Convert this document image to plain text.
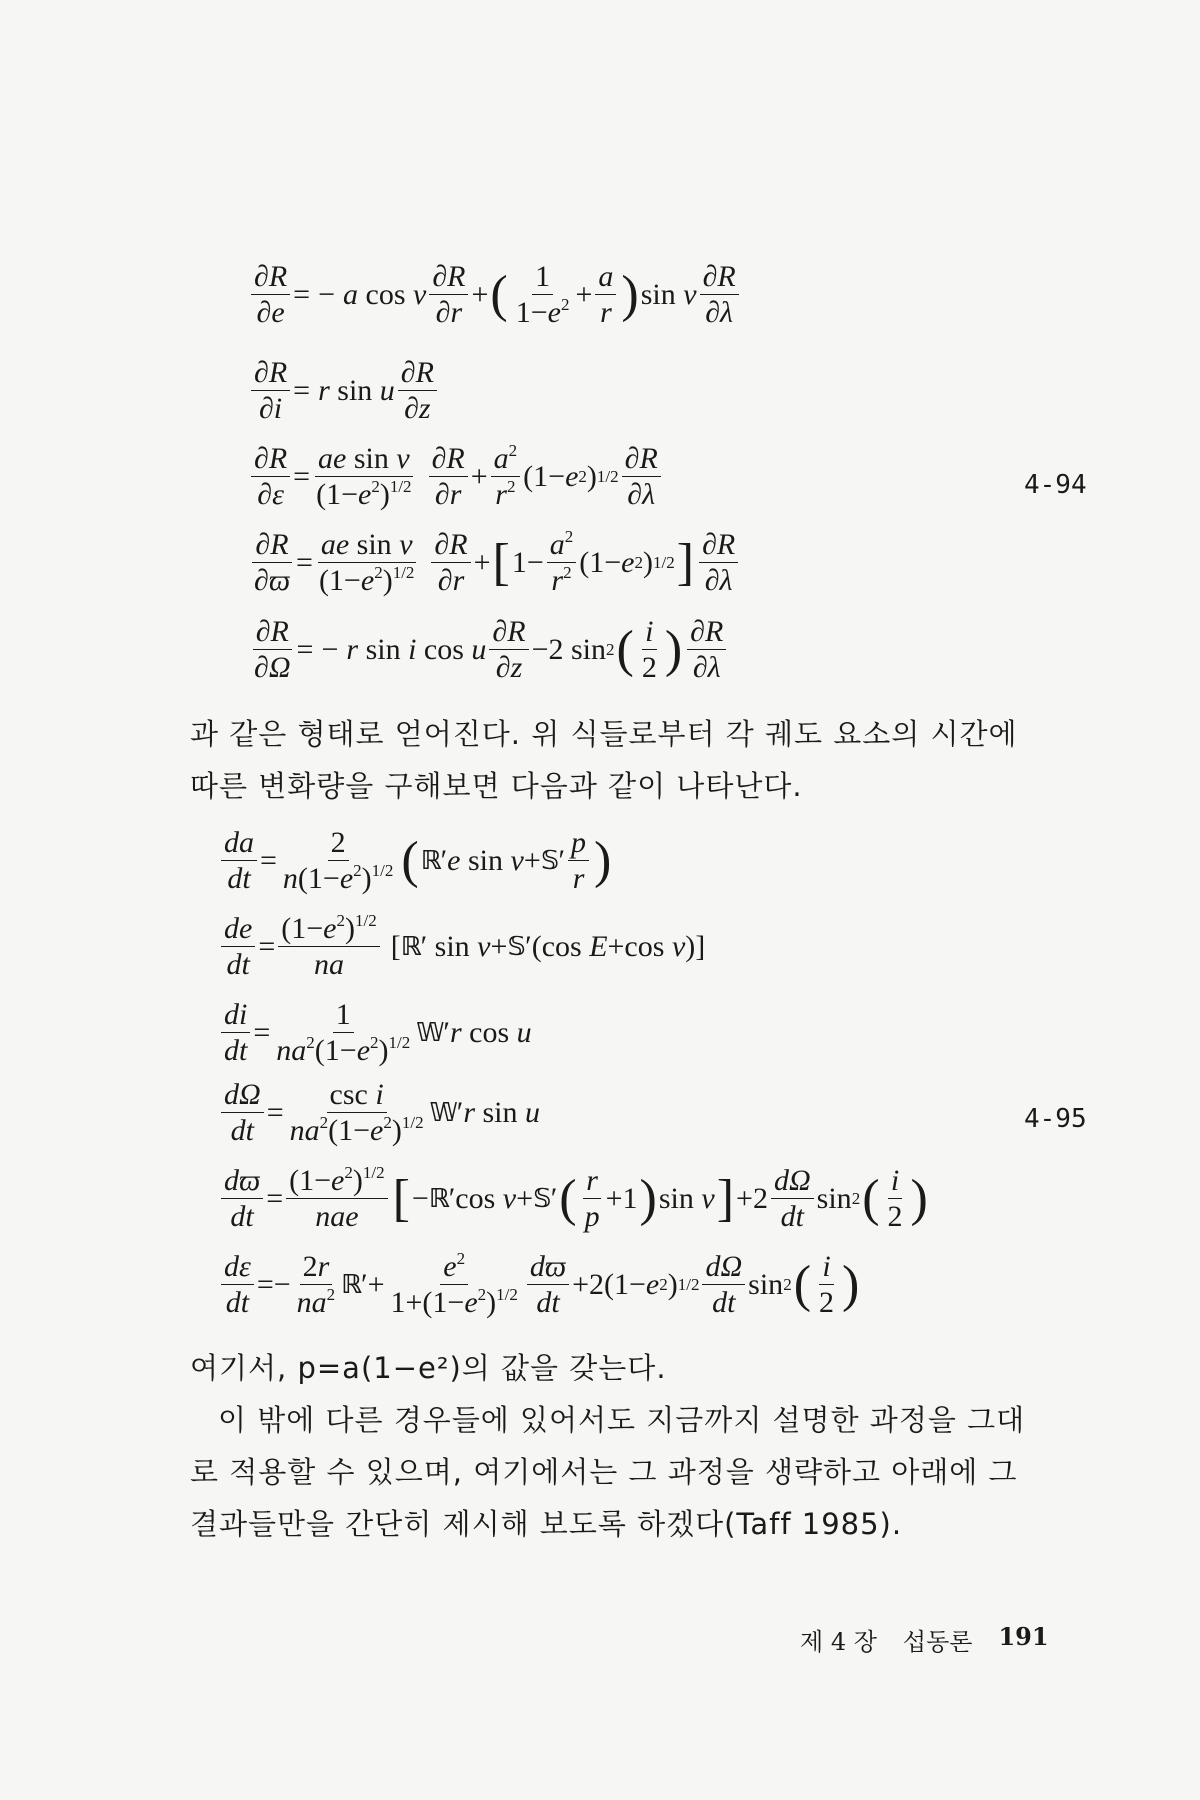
$\frac{\partial R}{\partial e}$ = − a cos ν $\frac{\partial R}{\partial r}$ + ( $\frac{1}{1-e^2} + \frac{a}{r}$ ) sin ν $\frac{\partial R}{\partial\lambda}$
$\frac{\partial R}{\partial i} = r$ sin u $\frac{\partial R}{\partial z}$
$\frac{\partial R}{\partial\varepsilon} = \frac{\text{ae sin ν}}{(1-e^2)^{1/2}} \frac{\partial R}{\partial r} + \frac{a^2}{r^2} (1- e$ 2 ) $1/2 \frac{\partial R}{\partial\lambda}$	4-94
$\frac{\partial R}{\partial ϖ} = \frac{\text{ae sin ν}}{(1-e^2)^{1/2}} \frac{\partial R}{\partial r}$ + [ $1- \frac{a^2}{r^2} (1- e$ 2 ) 1/2 ] $\frac{\partial R}{\partial\lambda}$
$\frac{\partial R}{\partial\Omega}$ = − r sin i cos u $\frac{\partial R}{\partial z} -2$ sin 2 ( $\frac{i}{2}$ ) $\frac{\partial R}{\partial\lambda}$
과 같은 형태로 얻어진다. 위 식들로부터 각 궤도 요소의 시간에
따른 변화량을 구해보면 다음과 같이 나타난다.
$\frac{da}{dt} = \frac{2}{n(1-e^2)^{1/2}}$ ( ℝ ′ e sin ν + 𝕊 ′ $\frac{p}{r}$ )
$\frac{de}{dt} = \frac{(1-e^2)^{1/2}}{na}$ [ ℝ ′ sin ν + 𝕊 ′(cos E +cos ν )]
$\frac{di}{dt} = \frac{1}{na^2(1-e^2)^{1/2}}$ 𝕎 ′ r cos u
$\frac{d\Omega}{dt} = \frac{\text{csc i}}{na^2(1-e^2)^{1/2}}$ 𝕎 ′ r sin u	4-95
$\frac{dϖ}{dt} = \frac{(1-e^2)^{1/2}}{\text{nae}}$ [ − ℝ ′cos ν + 𝕊 ′ ( $\frac{r}{p} +1$ ) sin ν ] $+2 \frac{d\Omega}{dt}$ sin 2 ( $\frac{i}{2}$ )
$\frac{d\varepsilon}{dt}$ = − $\frac{2r}{na^2}$ ℝ ′+ $\frac{e^2}{1+(1-e^2)^{1/2}} \frac{dϖ}{dt} +2(1- e$ 2 ) $1/2 \frac{d\Omega}{dt}$ sin 2 ( $\frac{i}{2}$ )
여기서, p=a(1−e²)의 값을 갖는다.
이 밖에 다른 경우들에 있어서도 지금까지 설명한 과정을 그대
로 적용할 수 있으며, 여기에서는 그 과정을 생략하고 아래에 그
결과들만을 간단히 제시해 보도록 하겠다(Taff 1985).
제 4 장 섭동론 191
